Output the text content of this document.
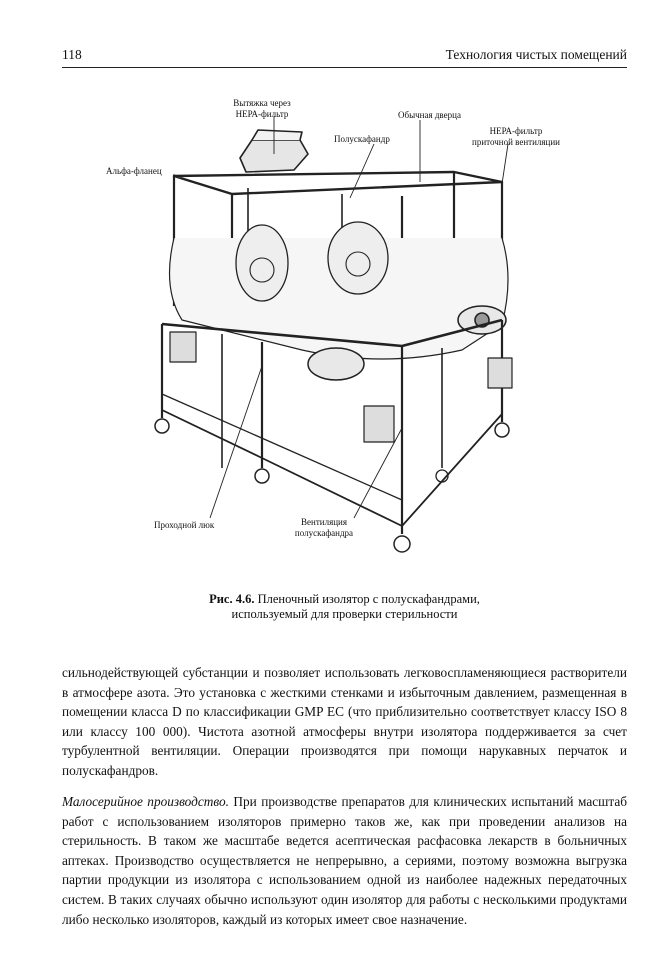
118	Технология чистых помещений
Вытяжка через
НЕРА-фильтр	Обычная дверца
Полускафандр
НЕРА-фильтр
приточной вентиляции
Альфа-фланец
Проходной люк	Вентиляция
полускафандра
Рис. 4.6. Пленочный изолятор с полускафандрами,
используемый для проверки стерильности
сильнодействующей субстанции и позволяет использовать легковоспламеняющиеся растворители в атмосфере азота. Это установка с жесткими стенками и избыточным давлением, размещенная в помещении класса D по классификации GMP EC (что приблизительно соответствует классу ISO 8 или классу 100 000). Чистота азотной атмосферы внутри изолятора поддерживается за счет турбулентной вентиляции. Операции производятся при помощи нарукавных перчаток и полускафандров.
Малосерийное производство. При производстве препаратов для клинических испытаний масштаб работ с использованием изоляторов примерно таков же, как при проведении анализов на стерильность. В таком же масштабе ведется асептическая расфасовка лекарств в больничных аптеках. Производство осуществляется не непрерывно, а сериями, поэтому возможна выгрузка партии продукции из изолятора с использованием одной из наиболее надежных передаточных систем. В таких случаях обычно используют один изолятор для работы с несколькими продуктами либо несколько изоляторов, каждый из которых имеет свое назначение.
